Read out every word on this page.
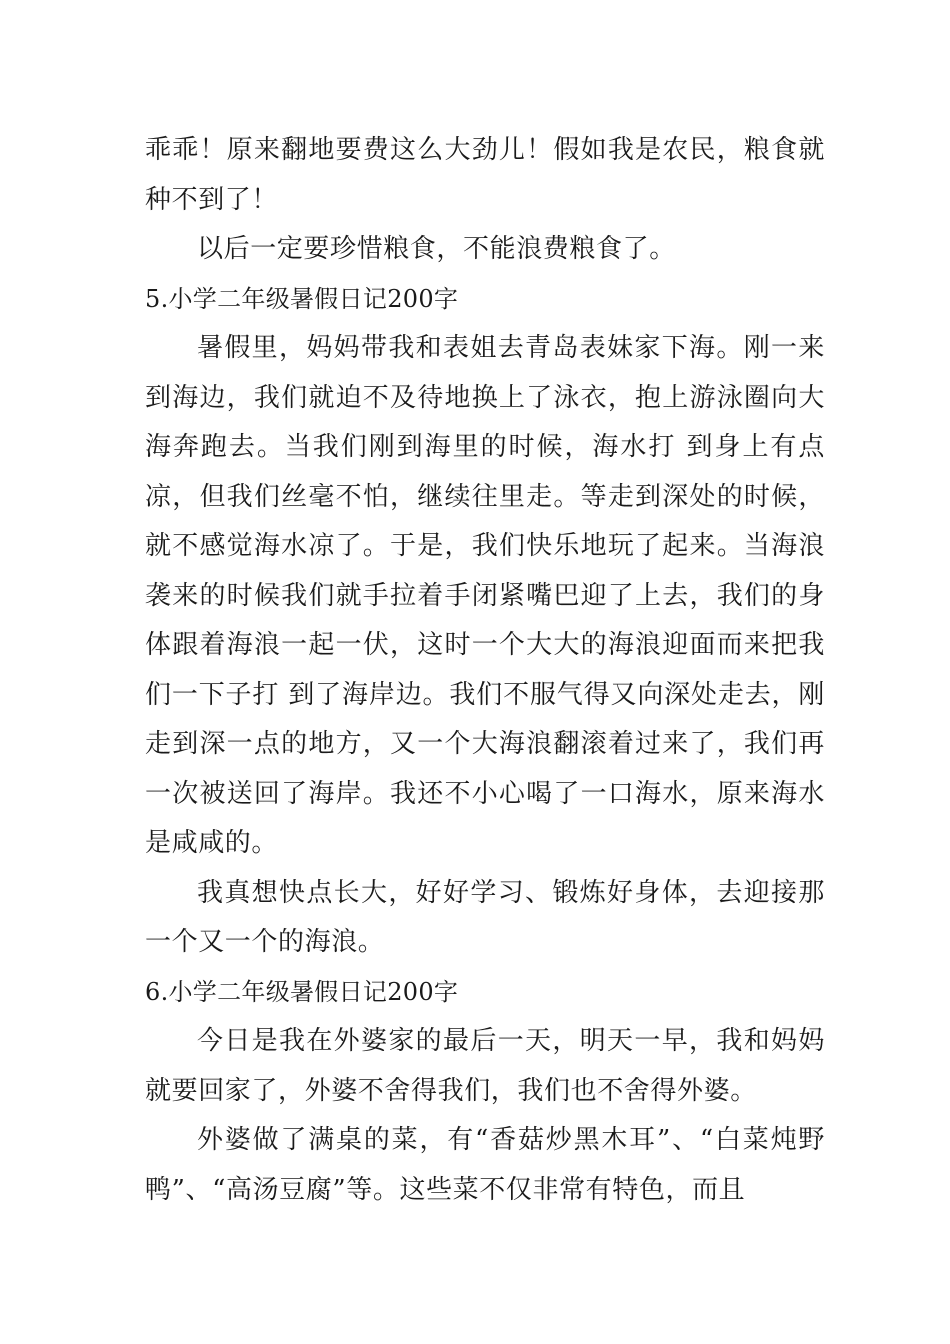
乖乖！原来翻地要费这么大劲儿！假如我是农民，粮食就种不到了！

以后一定要珍惜粮食，不能浪费粮食了。

5.小学二年级暑假日记200字

暑假里，妈妈带我和表姐去青岛表妹家下海。刚一来到海边，我们就迫不及待地换上了泳衣，抱上游泳圈向大海奔跑去。当我们刚到海里的时候，海水打 到身上有点凉，但我们丝毫不怕，继续往里走。等走到深处的时候，就不感觉海水凉了。于是，我们快乐地玩了起来。当海浪袭来的时候我们就手拉着手闭紧嘴巴迎了上去，我们的身体跟着海浪一起一伏，这时一个大大的海浪迎面而来把我们一下子打 到了海岸边。我们不服气得又向深处走去，刚走到深一点的地方，又一个大海浪翻滚着过来了，我们再一次被送回了海岸。我还不小心喝了一口海水，原来海水是咸咸的。

我真想快点长大，好好学习、锻炼好身体，去迎接那一个又一个的海浪。

6.小学二年级暑假日记200字

今日是我在外婆家的最后一天，明天一早，我和妈妈就要回家了，外婆不舍得我们，我们也不舍得外婆。

外婆做了满桌的菜，有“香菇炒黑木耳”、“白菜炖野鸭”、“高汤豆腐”等。这些菜不仅非常有特色，而且
